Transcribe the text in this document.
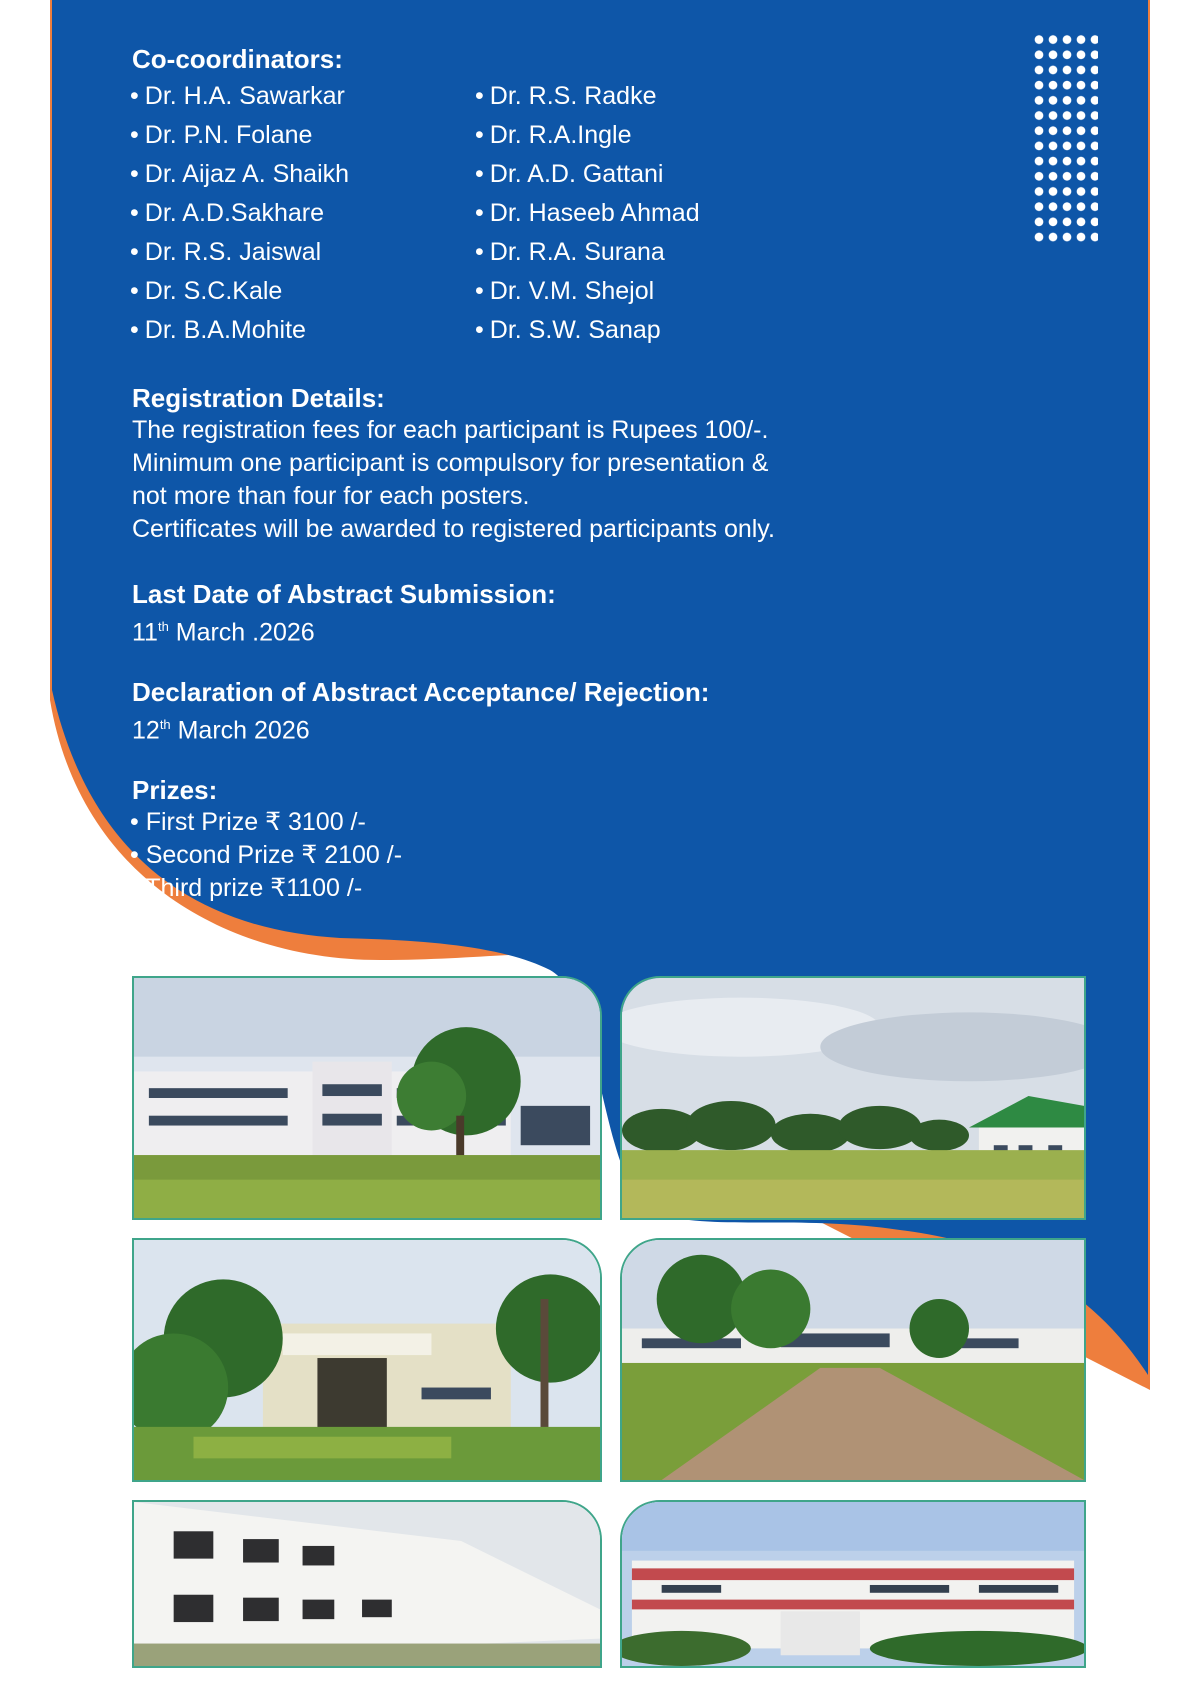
Co-coordinators:
• Dr. H.A. Sawarkar
• Dr. P.N. Folane
• Dr. Aijaz A. Shaikh
• Dr. A.D.Sakhare
• Dr. R.S. Jaiswal
• Dr. S.C.Kale
• Dr. B.A.Mohite
• Dr. R.S. Radke
• Dr. R.A.Ingle
• Dr. A.D. Gattani
• Dr. Haseeb Ahmad
• Dr. R.A. Surana
• Dr. V.M. Shejol
• Dr. S.W. Sanap
Registration Details:
The registration fees for each participant is Rupees 100/-.
Minimum one participant is compulsory for presentation &
not more than four for each posters.
Certificates will be awarded to registered participants only.
Last Date of Abstract Submission:
11th March .2026
Declaration of Abstract Acceptance/ Rejection:
12th March 2026
Prizes:
• First Prize ₹ 3100 /-
• Second Prize ₹ 2100 /-
• Third prize ₹1100 /-
